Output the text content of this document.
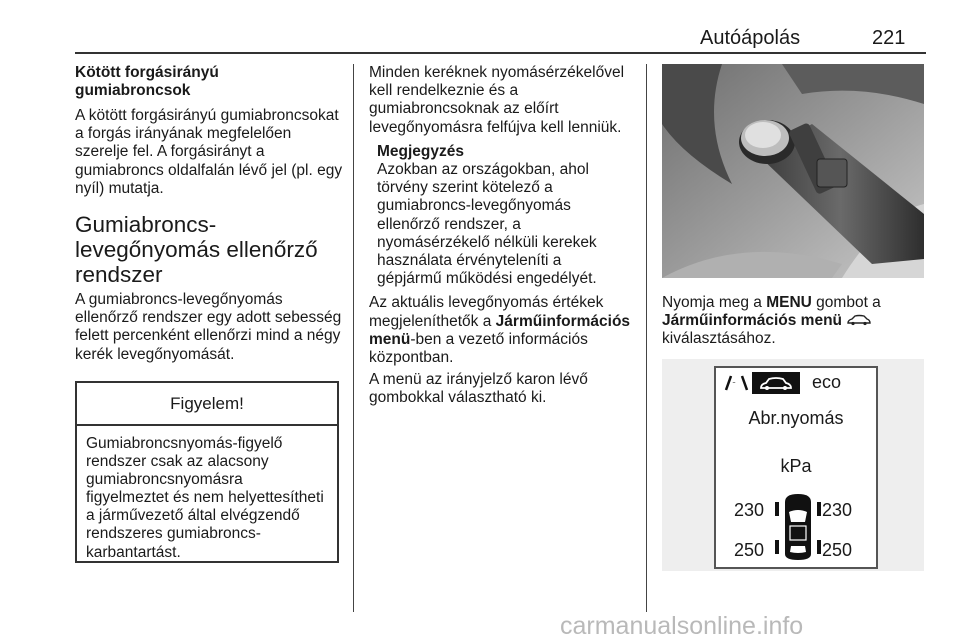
Autóápolás	221
Kötött forgásirányú gumiabroncsok

A kötött forgásirányú gumiabroncsokat a forgás irányának megfelelően szerelje fel. A forgásirányt a gumiabroncs oldalfalán lévő jel (pl. egy nyíl) mutatja.

Gumiabroncs-
levegőnyomás ellenőrző
rendszer

A gumiabroncs-levegőnyomás ellenőrző rendszer egy adott sebesség felett percenként ellenőrzi mind a négy kerék levegőnyomását.

Figyelem!
Gumiabroncsnyomás-figyelő rendszer csak az alacsony gumiabroncsnyomásra figyelmeztet és nem helyettesítheti a járművezető által elvégzendő rendszeres gumiabroncs-karbantartást.

Minden keréknek nyomásérzékelővel kell rendelkeznie és a gumiabroncsoknak az előírt levegőnyomásra felfújva kell lenniük.

Megjegyzés
Azokban az országokban, ahol törvény szerint kötelező a gumiabroncs-levegőnyomás ellenőrző rendszer, a nyomásérzékelő nélküli kerekek használata érvényteleníti a gépjármű működési engedélyét.

Az aktuális levegőnyomás értékek megjeleníthetők a Járműinformációs menü-ben a vezető információs központban.

A menü az irányjelző karon lévő gombokkal választható ki.

Nyomja meg a MENU gombot a
Járműinformációs menü
kiválasztásához.
eco
Abr.nyomás
kPa
230	230
250	250
carmanualsonline.info
